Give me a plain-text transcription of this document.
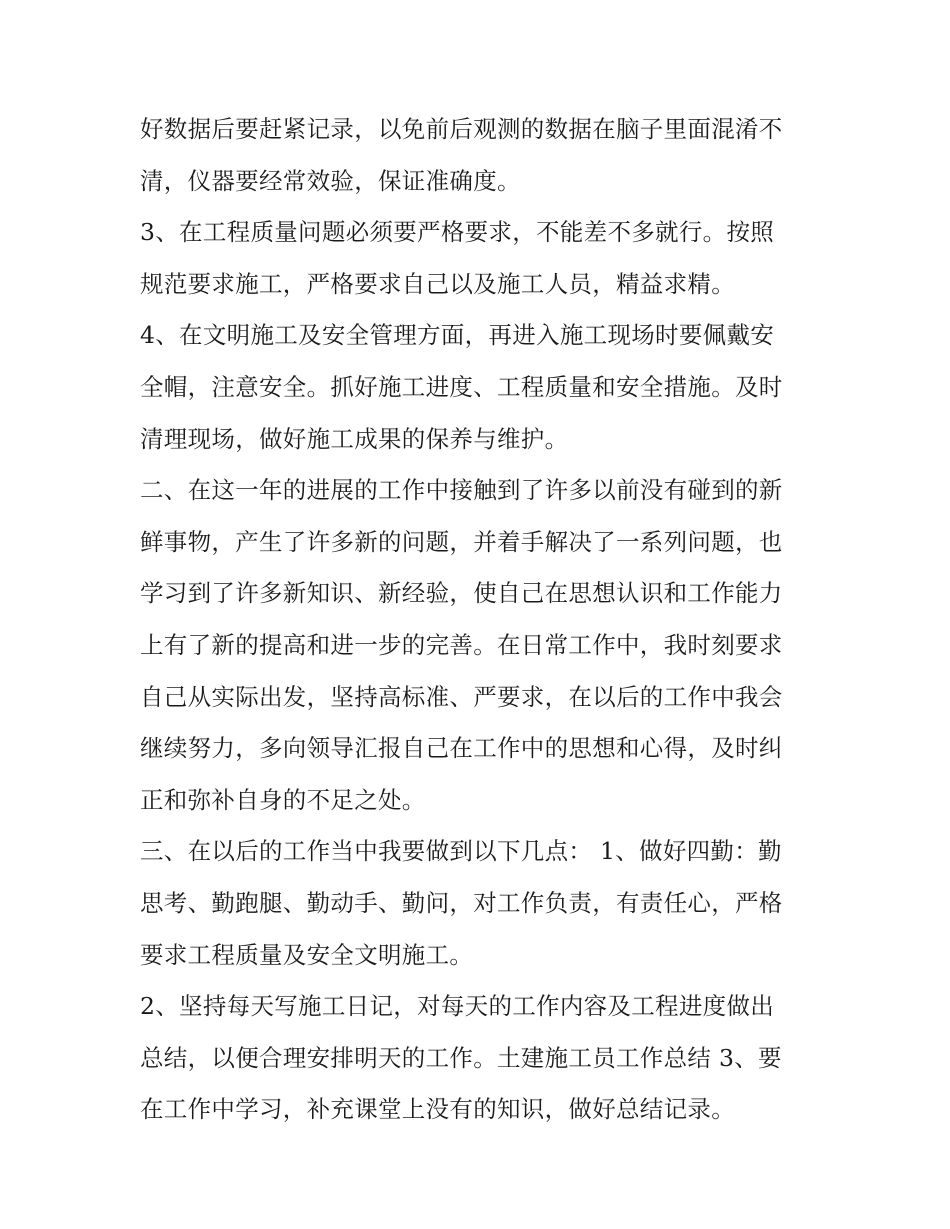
好数据后要赶紧记录，以免前后观测的数据在脑子里面混淆不
清，仪器要经常效验，保证准确度。
3、在工程质量问题必须要严格要求，不能差不多就行。按照
规范要求施工，严格要求自己以及施工人员，精益求精。
4、在文明施工及安全管理方面，再进入施工现场时要佩戴安
全帽，注意安全。抓好施工进度、工程质量和安全措施。及时
清理现场，做好施工成果的保养与维护。
二、在这一年的进展的工作中接触到了许多以前没有碰到的新
鲜事物，产生了许多新的问题，并着手解决了一系列问题，也
学习到了许多新知识、新经验，使自己在思想认识和工作能力
上有了新的提高和进一步的完善。在日常工作中，我时刻要求
自己从实际出发，坚持高标准、严要求，在以后的工作中我会
继续努力，多向领导汇报自己在工作中的思想和心得，及时纠
正和弥补自身的不足之处。
三、在以后的工作当中我要做到以下几点： 1、做好四勤：勤
思考、勤跑腿、勤动手、勤问，对工作负责，有责任心，严格
要求工程质量及安全文明施工。
2、坚持每天写施工日记，对每天的工作内容及工程进度做出
总结，以便合理安排明天的工作。土建施工员工作总结 3、要
在工作中学习，补充课堂上没有的知识，做好总结记录。
